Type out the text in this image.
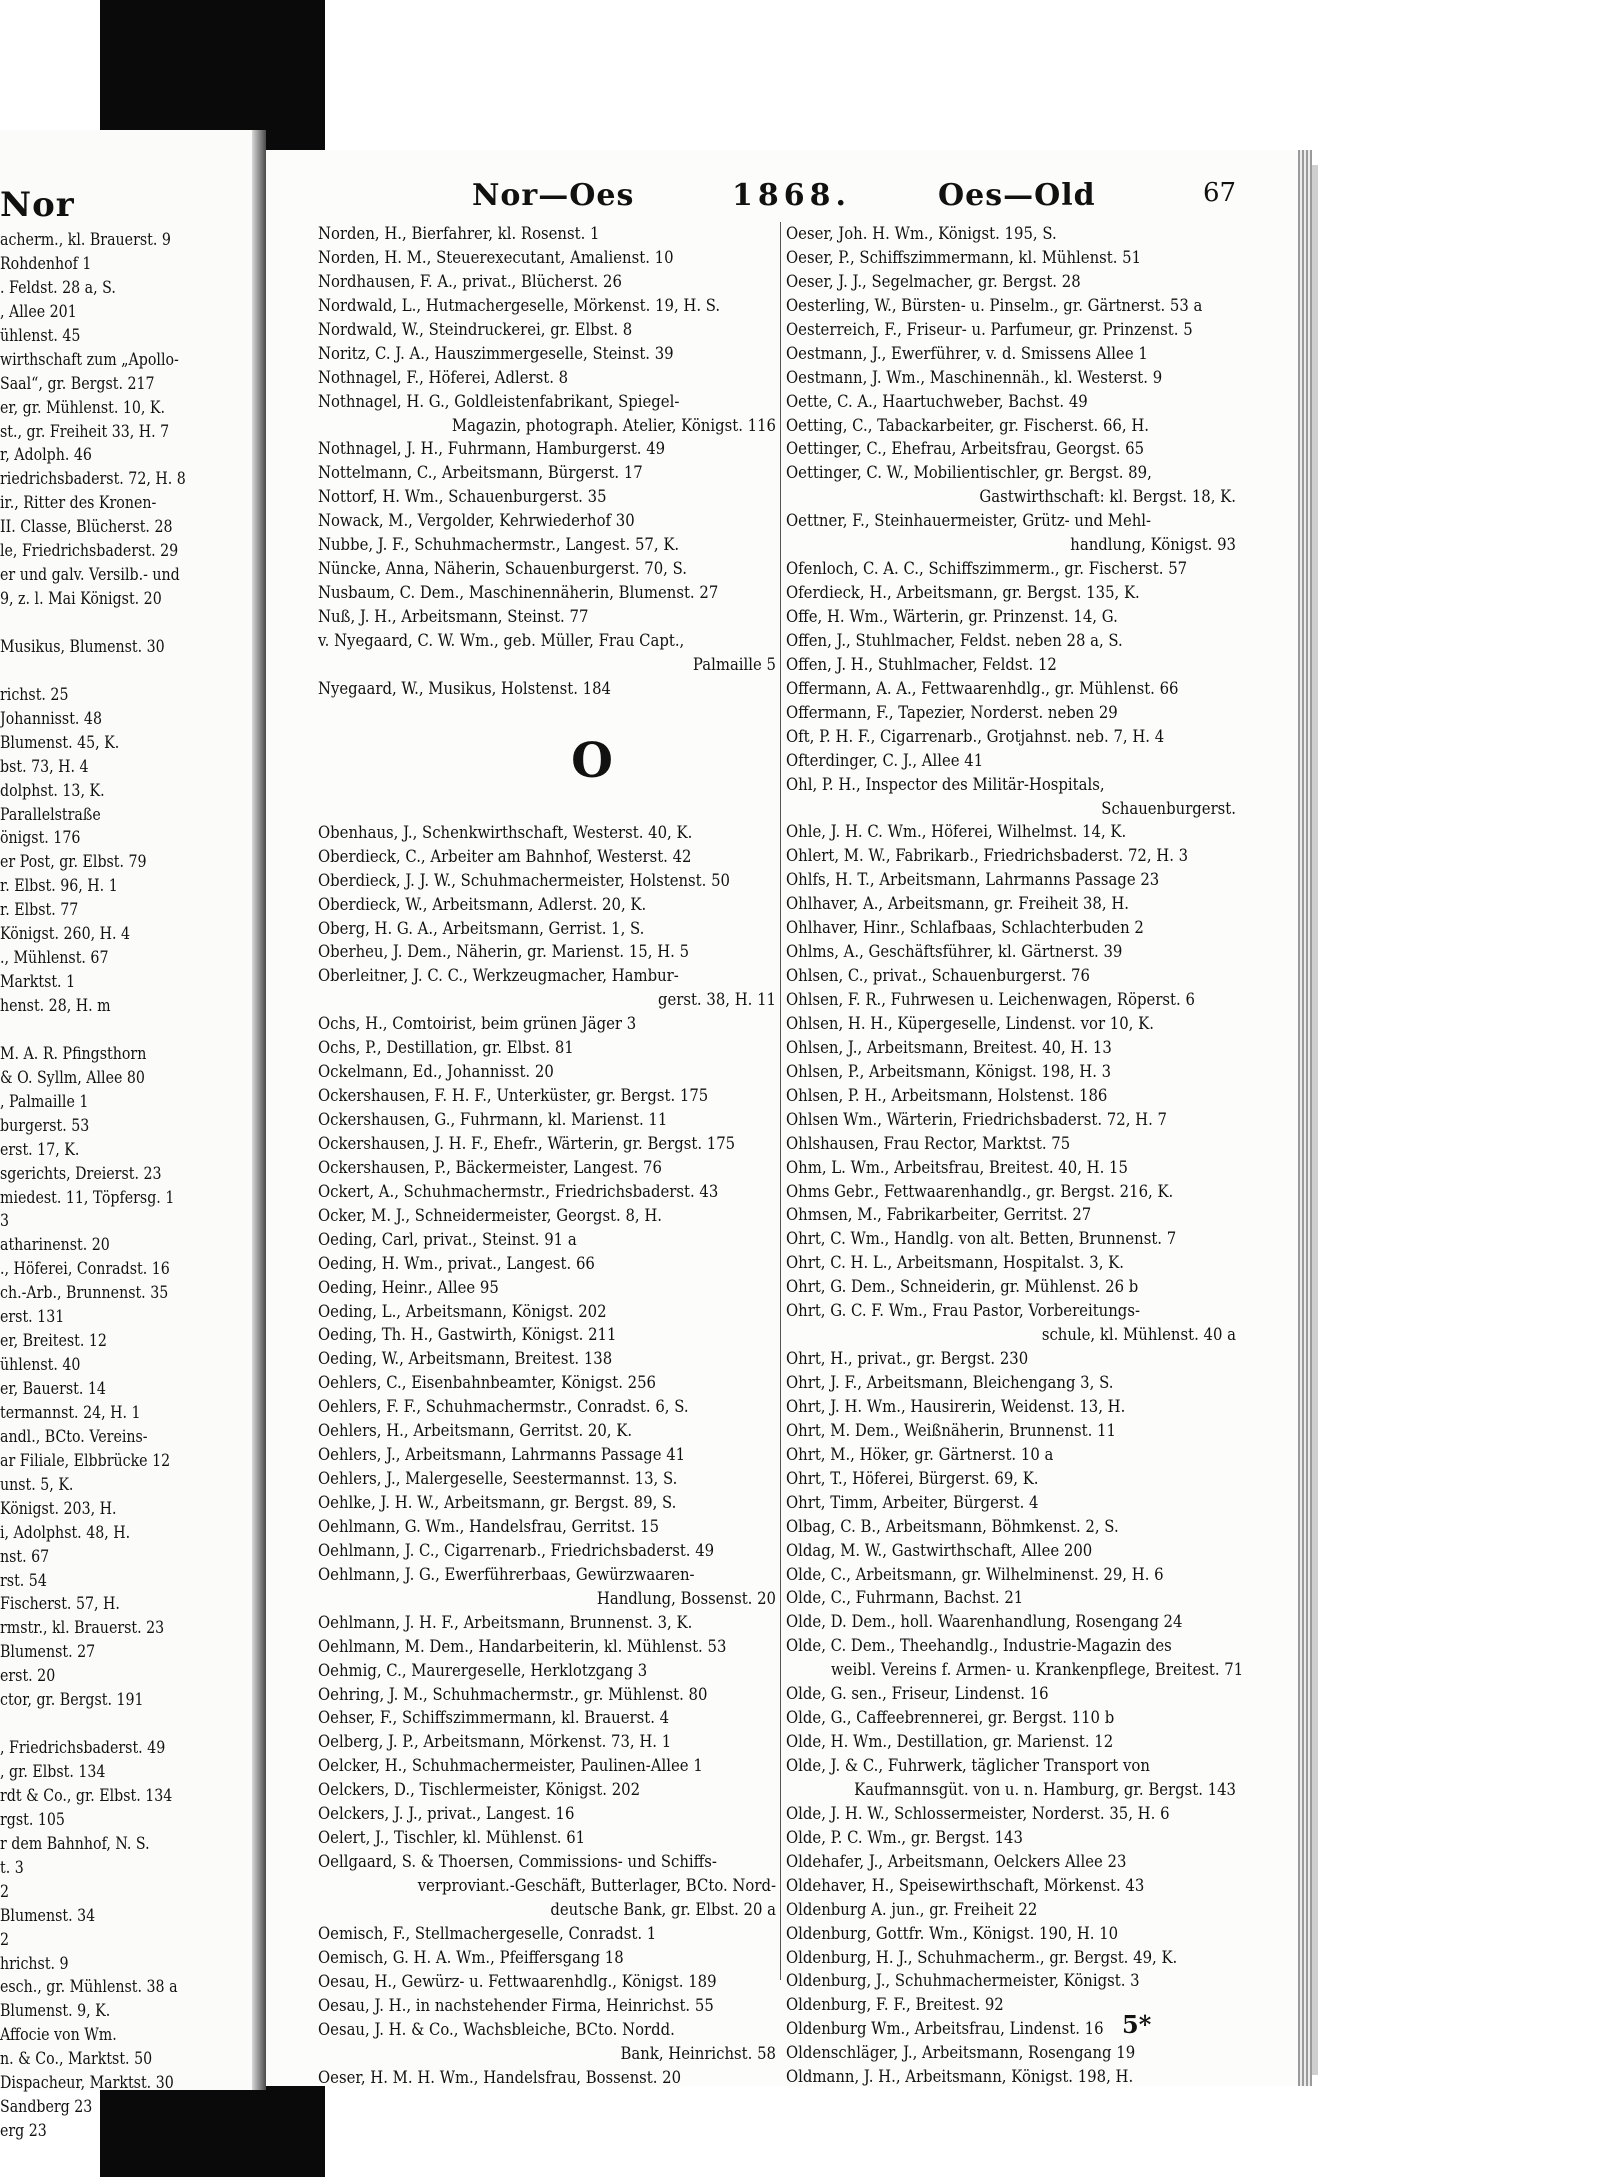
Nor
acherm., kl. Brauerst. 9
Rohdenhof 1
. Feldst. 28 a, S.
, Allee 201
ühlenst. 45
wirthschaft zum „Apollo-
Saal“, gr. Bergst. 217
er, gr. Mühlenst. 10, K.
st., gr. Freiheit 33, H. 7
r, Adolph. 46
riedrichsbaderst. 72, H. 8
ir., Ritter des Kronen-
II. Classe, Blücherst. 28
le, Friedrichsbaderst. 29
er und galv. Versilb.- und
9, z. l. Mai Königst. 20
Musikus, Blumenst. 30
richst. 25
Johannisst. 48
Blumenst. 45, K.
bst. 73, H. 4
dolphst. 13, K.
Parallelstraße
önigst. 176
er Post, gr. Elbst. 79
r. Elbst. 96, H. 1
r. Elbst. 77
Königst. 260, H. 4
., Mühlenst. 67
Marktst. 1
henst. 28, H. m
M. A. R. Pfingsthorn
& O. Syllm, Allee 80
, Palmaille 1
burgerst. 53
erst. 17, K.
sgerichts, Dreierst. 23
miedest. 11, Töpfersg. 1
3
atharinenst. 20
., Höferei, Conradst. 16
ch.-Arb., Brunnenst. 35
erst. 131
er, Breitest. 12
ühlenst. 40
er, Bauerst. 14
termannst. 24, H. 1
andl., BCto. Vereins-
ar Filiale, Elbbrücke 12
unst. 5, K.
Königst. 203, H.
i, Adolphst. 48, H.
nst. 67
rst. 54
Fischerst. 57, H.
rmstr., kl. Brauerst. 23
Blumenst. 27
erst. 20
ctor, gr. Bergst. 191
, Friedrichsbaderst. 49
, gr. Elbst. 134
rdt & Co., gr. Elbst. 134
rgst. 105
r dem Bahnhof, N. S.
t. 3
2
Blumenst. 34
2
hrichst. 9
esch., gr. Mühlenst. 38 a
Blumenst. 9, K.
Affocie von Wm.
n. & Co., Marktst. 50
Dispacheur, Marktst. 30
Sandberg 23
erg 23
Nor—Oes	1868.	Oes—Old	67
Norden, H., Bierfahrer, kl. Rosenst. 1
Norden, H. M., Steuerexecutant, Amalienst. 10
Nordhausen, F. A., privat., Blücherst. 26
Nordwald, L., Hutmachergeselle, Mörkenst. 19, H. S.
Nordwald, W., Steindruckerei, gr. Elbst. 8
Noritz, C. J. A., Hauszimmergeselle, Steinst. 39
Nothnagel, F., Höferei, Adlerst. 8
Nothnagel, H. G., Goldleistenfabrikant, Spiegel-
Magazin, photograph. Atelier, Königst. 116
Nothnagel, J. H., Fuhrmann, Hamburgerst. 49
Nottelmann, C., Arbeitsmann, Bürgerst. 17
Nottorf, H. Wm., Schauenburgerst. 35
Nowack, M., Vergolder, Kehrwiederhof 30
Nubbe, J. F., Schuhmachermstr., Langest. 57, K.
Nüncke, Anna, Näherin, Schauenburgerst. 70, S.
Nusbaum, C. Dem., Maschinennäherin, Blumenst. 27
Nuß, J. H., Arbeitsmann, Steinst. 77
v. Nyegaard, C. W. Wm., geb. Müller, Frau Capt.,
Palmaille 5
Nyegaard, W., Musikus, Holstenst. 184
O
Obenhaus, J., Schenkwirthschaft, Westerst. 40, K.
Oberdieck, C., Arbeiter am Bahnhof, Westerst. 42
Oberdieck, J. J. W., Schuhmachermeister, Holstenst. 50
Oberdieck, W., Arbeitsmann, Adlerst. 20, K.
Oberg, H. G. A., Arbeitsmann, Gerrist. 1, S.
Oberheu, J. Dem., Näherin, gr. Marienst. 15, H. 5
Oberleitner, J. C. C., Werkzeugmacher, Hambur-
gerst. 38, H. 11
Ochs, H., Comtoirist, beim grünen Jäger 3
Ochs, P., Destillation, gr. Elbst. 81
Ockelmann, Ed., Johannisst. 20
Ockershausen, F. H. F., Unterküster, gr. Bergst. 175
Ockershausen, G., Fuhrmann, kl. Marienst. 11
Ockershausen, J. H. F., Ehefr., Wärterin, gr. Bergst. 175
Ockershausen, P., Bäckermeister, Langest. 76
Ockert, A., Schuhmachermstr., Friedrichsbaderst. 43
Ocker, M. J., Schneidermeister, Georgst. 8, H.
Oeding, Carl, privat., Steinst. 91 a
Oeding, H. Wm., privat., Langest. 66
Oeding, Heinr., Allee 95
Oeding, L., Arbeitsmann, Königst. 202
Oeding, Th. H., Gastwirth, Königst. 211
Oeding, W., Arbeitsmann, Breitest. 138
Oehlers, C., Eisenbahnbeamter, Königst. 256
Oehlers, F. F., Schuhmachermstr., Conradst. 6, S.
Oehlers, H., Arbeitsmann, Gerritst. 20, K.
Oehlers, J., Arbeitsmann, Lahrmanns Passage 41
Oehlers, J., Malergeselle, Seestermannst. 13, S.
Oehlke, J. H. W., Arbeitsmann, gr. Bergst. 89, S.
Oehlmann, G. Wm., Handelsfrau, Gerritst. 15
Oehlmann, J. C., Cigarrenarb., Friedrichsbaderst. 49
Oehlmann, J. G., Ewerführerbaas, Gewürzwaaren-
Handlung, Bossenst. 20
Oehlmann, J. H. F., Arbeitsmann, Brunnenst. 3, K.
Oehlmann, M. Dem., Handarbeiterin, kl. Mühlenst. 53
Oehmig, C., Maurergeselle, Herklotzgang 3
Oehring, J. M., Schuhmachermstr., gr. Mühlenst. 80
Oehser, F., Schiffszimmermann, kl. Brauerst. 4
Oelberg, J. P., Arbeitsmann, Mörkenst. 73, H. 1
Oelcker, H., Schuhmachermeister, Paulinen-Allee 1
Oelckers, D., Tischlermeister, Königst. 202
Oelckers, J. J., privat., Langest. 16
Oelert, J., Tischler, kl. Mühlenst. 61
Oellgaard, S. & Thoersen, Commissions- und Schiffs-
verproviant.-Geschäft, Butterlager, BCto. Nord-
deutsche Bank, gr. Elbst. 20 a
Oemisch, F., Stellmachergeselle, Conradst. 1
Oemisch, G. H. A. Wm., Pfeiffersgang 18
Oesau, H., Gewürz- u. Fettwaarenhdlg., Königst. 189
Oesau, J. H., in nachstehender Firma, Heinrichst. 55
Oesau, J. H. & Co., Wachsbleiche, BCto. Nordd.
Bank, Heinrichst. 58
Oeser, H. M. H. Wm., Handelsfrau, Bossenst. 20
Oeser, Joh. H. Wm., Königst. 195, S.
Oeser, P., Schiffszimmermann, kl. Mühlenst. 51
Oeser, J. J., Segelmacher, gr. Bergst. 28
Oesterling, W., Bürsten- u. Pinselm., gr. Gärtnerst. 53 a
Oesterreich, F., Friseur- u. Parfumeur, gr. Prinzenst. 5
Oestmann, J., Ewerführer, v. d. Smissens Allee 1
Oestmann, J. Wm., Maschinennäh., kl. Westerst. 9
Oette, C. A., Haartuchweber, Bachst. 49
Oetting, C., Tabackarbeiter, gr. Fischerst. 66, H.
Oettinger, C., Ehefrau, Arbeitsfrau, Georgst. 65
Oettinger, C. W., Mobilientischler, gr. Bergst. 89,
Gastwirthschaft: kl. Bergst. 18, K.
Oettner, F., Steinhauermeister, Grütz- und Mehl-
handlung, Königst. 93
Ofenloch, C. A. C., Schiffszimmerm., gr. Fischerst. 57
Oferdieck, H., Arbeitsmann, gr. Bergst. 135, K.
Offe, H. Wm., Wärterin, gr. Prinzenst. 14, G.
Offen, J., Stuhlmacher, Feldst. neben 28 a, S.
Offen, J. H., Stuhlmacher, Feldst. 12
Offermann, A. A., Fettwaarenhdlg., gr. Mühlenst. 66
Offermann, F., Tapezier, Norderst. neben 29
Oft, P. H. F., Cigarrenarb., Grotjahnst. neb. 7, H. 4
Ofterdinger, C. J., Allee 41
Ohl, P. H., Inspector des Militär-Hospitals,
Schauenburgerst.
Ohle, J. H. C. Wm., Höferei, Wilhelmst. 14, K.
Ohlert, M. W., Fabrikarb., Friedrichsbaderst. 72, H. 3
Ohlfs, H. T., Arbeitsmann, Lahrmanns Passage 23
Ohlhaver, A., Arbeitsmann, gr. Freiheit 38, H.
Ohlhaver, Hinr., Schlafbaas, Schlachterbuden 2
Ohlms, A., Geschäftsführer, kl. Gärtnerst. 39
Ohlsen, C., privat., Schauenburgerst. 76
Ohlsen, F. R., Fuhrwesen u. Leichenwagen, Röperst. 6
Ohlsen, H. H., Küpergeselle, Lindenst. vor 10, K.
Ohlsen, J., Arbeitsmann, Breitest. 40, H. 13
Ohlsen, P., Arbeitsmann, Königst. 198, H. 3
Ohlsen, P. H., Arbeitsmann, Holstenst. 186
Ohlsen Wm., Wärterin, Friedrichsbaderst. 72, H. 7
Ohlshausen, Frau Rector, Marktst. 75
Ohm, L. Wm., Arbeitsfrau, Breitest. 40, H. 15
Ohms Gebr., Fettwaarenhandlg., gr. Bergst. 216, K.
Ohmsen, M., Fabrikarbeiter, Gerritst. 27
Ohrt, C. Wm., Handlg. von alt. Betten, Brunnenst. 7
Ohrt, C. H. L., Arbeitsmann, Hospitalst. 3, K.
Ohrt, G. Dem., Schneiderin, gr. Mühlenst. 26 b
Ohrt, G. C. F. Wm., Frau Pastor, Vorbereitungs-
schule, kl. Mühlenst. 40 a
Ohrt, H., privat., gr. Bergst. 230
Ohrt, J. F., Arbeitsmann, Bleichengang 3, S.
Ohrt, J. H. Wm., Hausirerin, Weidenst. 13, H.
Ohrt, M. Dem., Weißnäherin, Brunnenst. 11
Ohrt, M., Höker, gr. Gärtnerst. 10 a
Ohrt, T., Höferei, Bürgerst. 69, K.
Ohrt, Timm, Arbeiter, Bürgerst. 4
Olbag, C. B., Arbeitsmann, Böhmkenst. 2, S.
Oldag, M. W., Gastwirthschaft, Allee 200
Olde, C., Arbeitsmann, gr. Wilhelminenst. 29, H. 6
Olde, C., Fuhrmann, Bachst. 21
Olde, D. Dem., holl. Waarenhandlung, Rosengang 24
Olde, C. Dem., Theehandlg., Industrie-Magazin des
weibl. Vereins f. Armen- u. Krankenpflege, Breitest. 71
Olde, G. sen., Friseur, Lindenst. 16
Olde, G., Caffeebrennerei, gr. Bergst. 110 b
Olde, H. Wm., Destillation, gr. Marienst. 12
Olde, J. & C., Fuhrwerk, täglicher Transport von
Kaufmannsgüt. von u. n. Hamburg, gr. Bergst. 143
Olde, J. H. W., Schlossermeister, Norderst. 35, H. 6
Olde, P. C. Wm., gr. Bergst. 143
Oldehafer, J., Arbeitsmann, Oelckers Allee 23
Oldehaver, H., Speisewirthschaft, Mörkenst. 43
Oldenburg A. jun., gr. Freiheit 22
Oldenburg, Gottfr. Wm., Königst. 190, H. 10
Oldenburg, H. J., Schuhmacherm., gr. Bergst. 49, K.
Oldenburg, J., Schuhmachermeister, Königst. 3
Oldenburg, F. F., Breitest. 92
Oldenburg Wm., Arbeitsfrau, Lindenst. 16
Oldenschläger, J., Arbeitsmann, Rosengang 19
Oldmann, J. H., Arbeitsmann, Königst. 198, H.
5*
